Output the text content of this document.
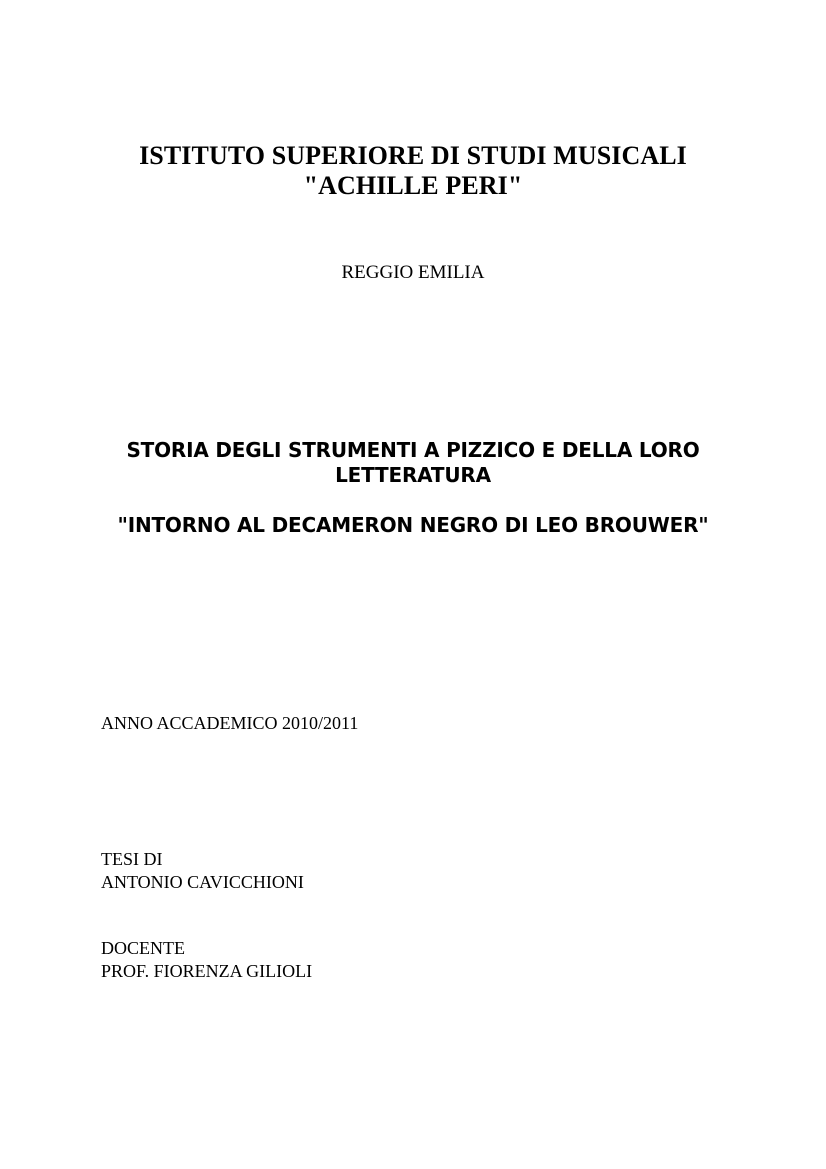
ISTITUTO SUPERIORE DI STUDI MUSICALI
"ACHILLE PERI"
REGGIO EMILIA
STORIA DEGLI STRUMENTI A PIZZICO E DELLA LORO
LETTERATURA
"INTORNO AL DECAMERON NEGRO DI LEO BROUWER"
ANNO ACCADEMICO 2010/2011
TESI DI
ANTONIO CAVICCHIONI
DOCENTE
PROF. FIORENZA GILIOLI
